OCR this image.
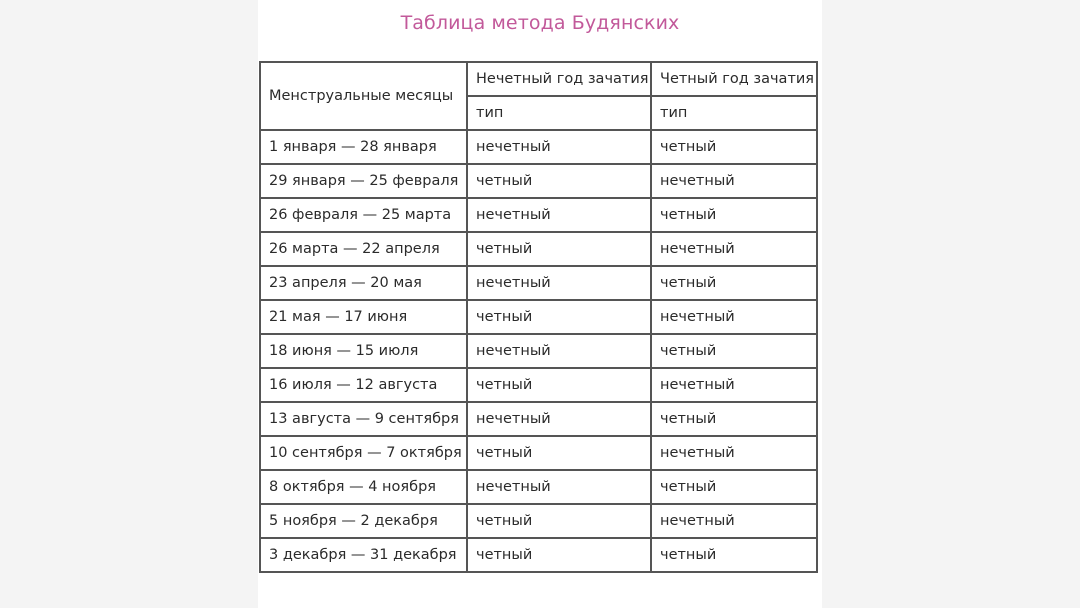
Таблица метода Будянских
Менструальные месяцы	Нечетный год зачатия	Четный год зачатия
	тип	тип
1 января — 28 января	нечетный	четный
29 января — 25 февраля	четный	нечетный
26 февраля — 25 марта	нечетный	четный
26 марта — 22 апреля	четный	нечетный
23 апреля — 20 мая	нечетный	четный
21 мая — 17 июня	четный	нечетный
18 июня — 15 июля	нечетный	четный
16 июля — 12 августа	четный	нечетный
13 августа — 9 сентября	нечетный	четный
10 сентября — 7 октября	четный	нечетный
8 октября — 4 ноября	нечетный	четный
5 ноября — 2 декабря	четный	нечетный
3 декабря — 31 декабря	четный	четный
